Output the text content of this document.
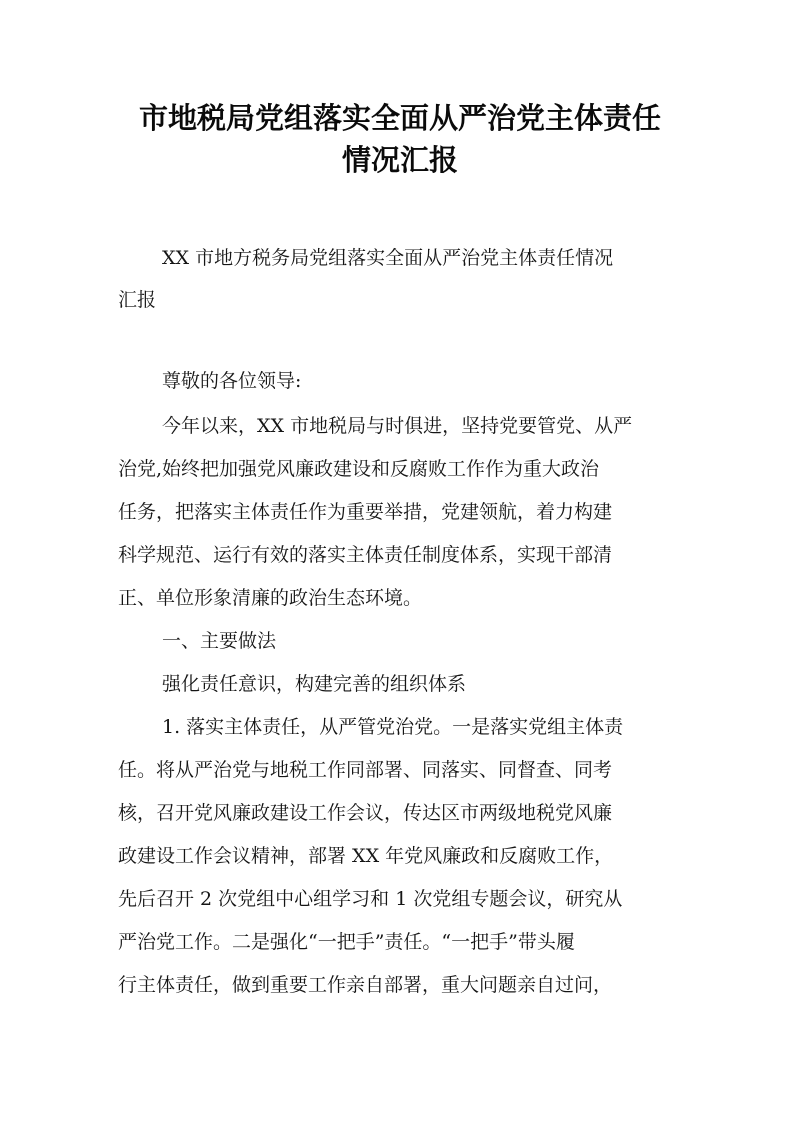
市地税局党组落实全面从严治党主体责任
情况汇报
XX 市地方税务局党组落实全面从严治党主体责任情况
汇报
尊敬的各位领导:
今年以来，XX 市地税局与时俱进，坚持党要管党、从严
治党,始终把加强党风廉政建设和反腐败工作作为重大政治
任务，把落实主体责任作为重要举措，党建领航，着力构建
科学规范、运行有效的落实主体责任制度体系，实现干部清
正、单位形象清廉的政治生态环境。
一、主要做法
强化责任意识，构建完善的组织体系
1. 落实主体责任，从严管党治党。一是落实党组主体责
任。将从严治党与地税工作同部署、同落实、同督查、同考
核，召开党风廉政建设工作会议，传达区市两级地税党风廉
政建设工作会议精神，部署 XX 年党风廉政和反腐败工作，
先后召开 2 次党组中心组学习和 1 次党组专题会议，研究从
严治党工作。二是强化“一把手”责任。“一把手”带头履
行主体责任，做到重要工作亲自部署，重大问题亲自过问，
